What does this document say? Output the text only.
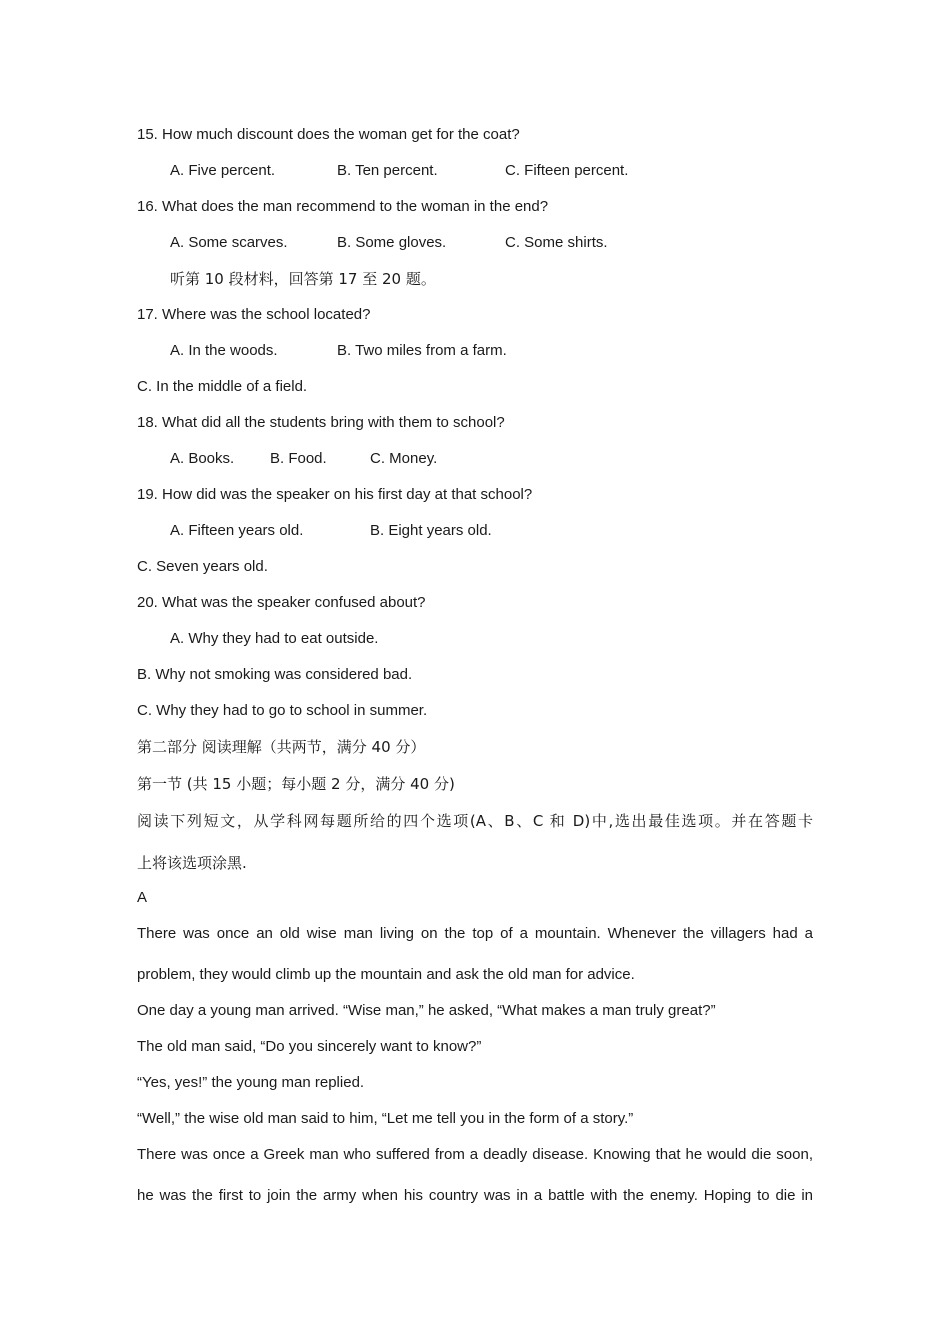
15. How much discount does the woman get for the coat?
A. Five percent.	B. Ten percent.	C. Fifteen percent.
16. What does the man recommend to the woman in the end?
A. Some scarves.	B. Some gloves.	C. Some shirts.
听第 10 段材料，回答第 17 至 20 题。
17. Where was the school located?
A. In the woods.	B. Two miles from a farm.
C. In the middle of a field.
18. What did all the students bring with them to school?
A. Books. B. Food.	C. Money.
19. How did was the speaker on his first day at that school?
A. Fifteen years old.	B. Eight years old.
C. Seven years old.
20. What was the speaker confused about?
A. Why they had to eat outside.
B. Why not smoking was considered bad.
C. Why they had to go to school in summer.
第二部分 阅读理解（共两节，满分 40 分）
第一节 (共 15 小题；每小题 2 分，满分 40 分)
阅读下列短文，从学科网每题所给的四个选项(A、B、C 和 D)中,选出最佳选项。并在答题卡
上将该选项涂黑.
A
There was once an old wise man living on the top of a mountain. Whenever the villagers had a
problem, they would climb up the mountain and ask the old man for advice.
One day a young man arrived. “Wise man,” he asked, “What makes a man truly great?”
The old man said, “Do you sincerely want to know?”
“Yes, yes!” the young man replied.
“Well,” the wise old man said to him, “Let me tell you in the form of a story.”
There was once a Greek man who suffered from a deadly disease. Knowing that he would die soon,
he was the first to join the army when his country was in a battle with the enemy. Hoping to die in
